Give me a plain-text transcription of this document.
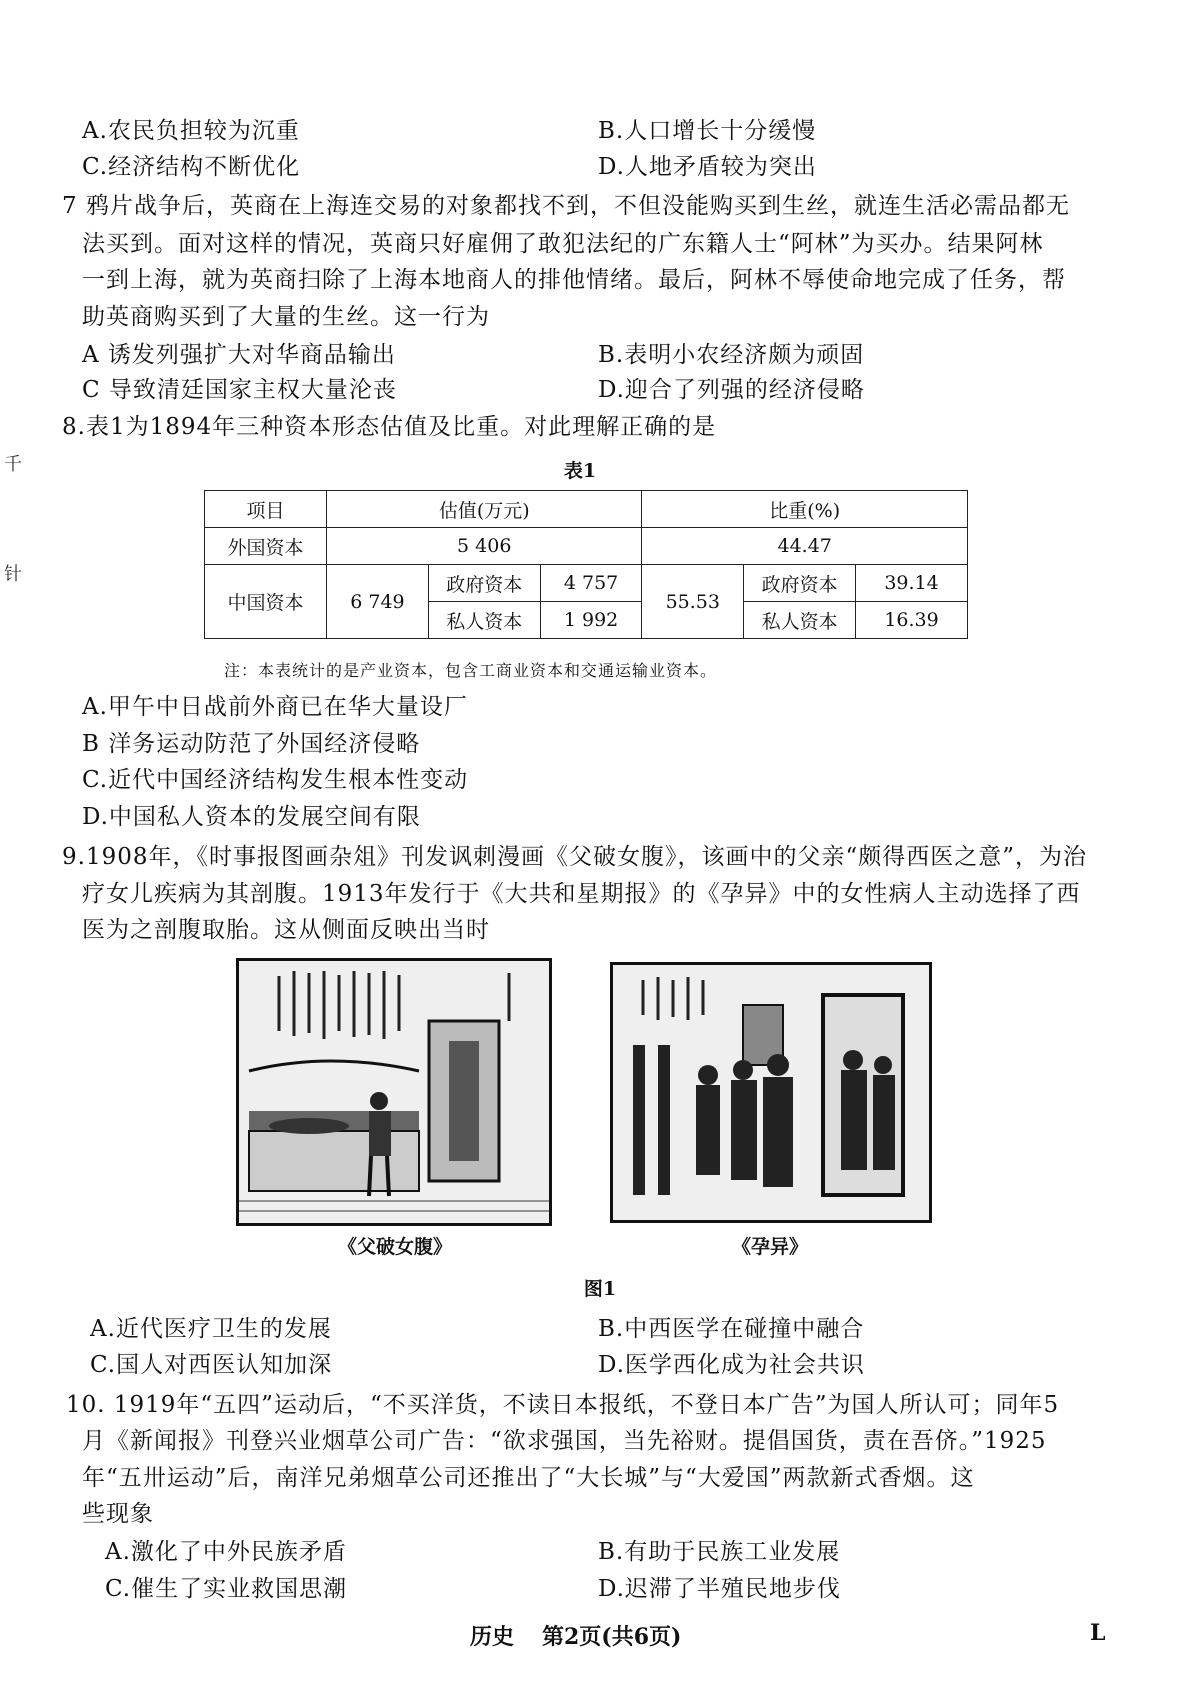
A.农民负担较为沉重	B.人口增长十分缓慢
C.经济结构不断优化	D.人地矛盾较为突出
7 鸦片战争后，英商在上海连交易的对象都找不到，不但没能购买到生丝，就连生活必需品都无
法买到。面对这样的情况，英商只好雇佣了敢犯法纪的广东籍人士“阿林”为买办。结果阿林
一到上海，就为英商扫除了上海本地商人的排他情绪。最后，阿林不辱使命地完成了任务，帮
助英商购买到了大量的生丝。这一行为
A 诱发列强扩大对华商品输出	B.表明小农经济颇为顽固
C 导致清廷国家主权大量沦丧	D.迎合了列强的经济侵略
8.表1为1894年三种资本形态估值及比重。对此理解正确的是
千
针
表1
项目	估值(万元)			比重(%)		
外国资本	5 406			44.47		
中国资本	6 749	政府资本	4 757	55.53	政府资本	39.14
		私人资本	1 992		私人资本	16.39
注：本表统计的是产业资本，包含工商业资本和交通运输业资本。
A.甲午中日战前外商已在华大量设厂
B 洋务运动防范了外国经济侵略
C.近代中国经济结构发生根本性变动
D.中国私人资本的发展空间有限
9.1908年，《时事报图画杂俎》刊发讽刺漫画《父破女腹》，该画中的父亲“颇得西医之意”，为治
疗女儿疾病为其剖腹。1913年发行于《大共和星期报》的《孕异》中的女性病人主动选择了西
医为之剖腹取胎。这从侧面反映出当时
《父破女腹》	《孕异》
图1
A.近代医疗卫生的发展	B.中西医学在碰撞中融合
C.国人对西医认知加深	D.医学西化成为社会共识
10. 1919年“五四”运动后，“不买洋货，不读日本报纸，不登日本广告”为国人所认可；同年5
月《新闻报》刊登兴业烟草公司广告：“欲求强国，当先裕财。提倡国货，责在吾侪。”1925
年“五卅运动”后，南洋兄弟烟草公司还推出了“大长城”与“大爱国”两款新式香烟。这
些现象
A.激化了中外民族矛盾	B.有助于民族工业发展
C.催生了实业救国思潮	D.迟滞了半殖民地步伐
历史 第2页(共6页)	L
